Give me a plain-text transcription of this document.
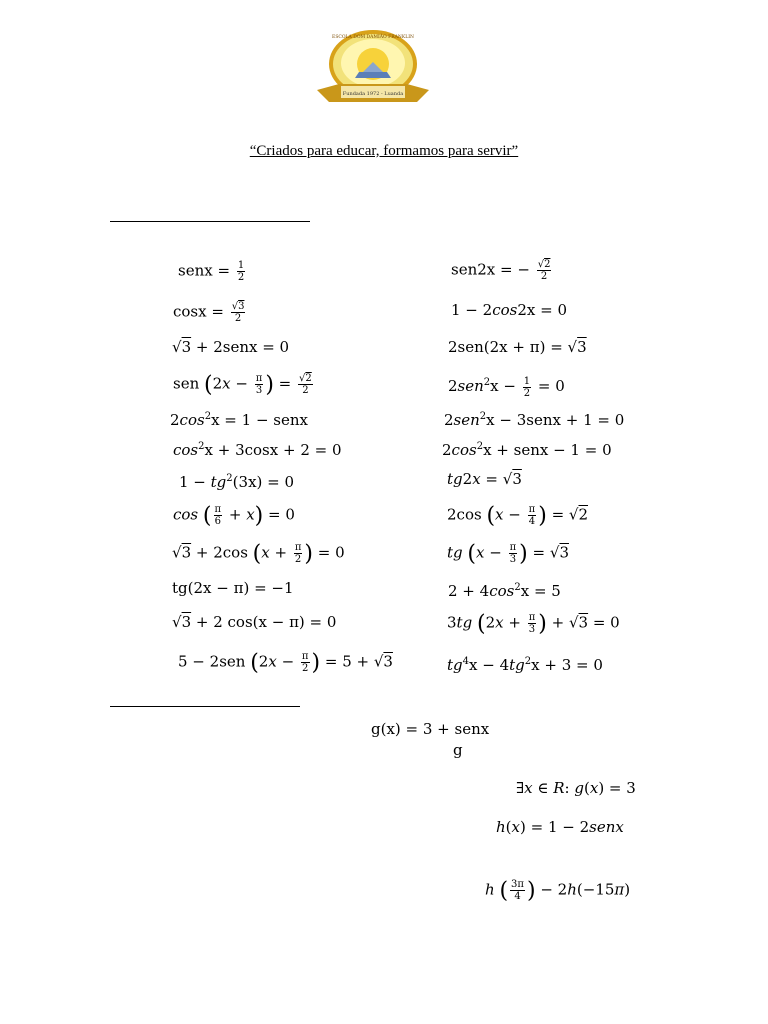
Fundada 1972 - Luanda
ESCOLA DOM DAMIÃO FRANKLIN
“Criados para educar, formamos para servir”
senx = $\frac{1}{2}$
$\cos x = \frac{√3}{2}$
√3 + 2senx = 0
sen ($2x - \frac{\pi}{3}$ ) = $\frac{√2}{2}$
$2\cos^2x = 1$ − senx
$\cos^2x + 3\cos x + 2 = 0$
$1 - tg^2(3x) = 0$
cos ( $\frac{\pi}{6} + x) = 0$
√3 + 2cos ($x + \frac{\pi}{2}$ ) = 0
tg(2x − π) = −1
√3 + 2 cos(x − π) = 0
5 − 2sen ($2x - \frac{\pi}{2}$ ) = 5 + √3
sen2x = − $\frac{√2}{2}$
1 − 2cos2x = 0
2sen(2x + π) = √3
$2sen^2x - \frac{1}{2} = 0$
2sen$^2$x − 3senx + 1 = 0
$2\cos^2x$ + senx − 1 = 0
tg2x = √3
2cos ($x - \frac{\pi}{4}$ ) = √2
tg ($x - \frac{\pi}{3}$ ) = √3
$2 + 4\cos^2x = 5$
3tg ($2x + \frac{\pi}{3}$ ) + √3 = 0
$tg^4x - 4tg^2x + 3 = 0$
g(x) = 3 + senx
g
∃x ∈ R: g(x) = 3
h(x) = 1 − 2senx
h ( $\frac{3\pi}{4}$ ) − 2h(−15π)
